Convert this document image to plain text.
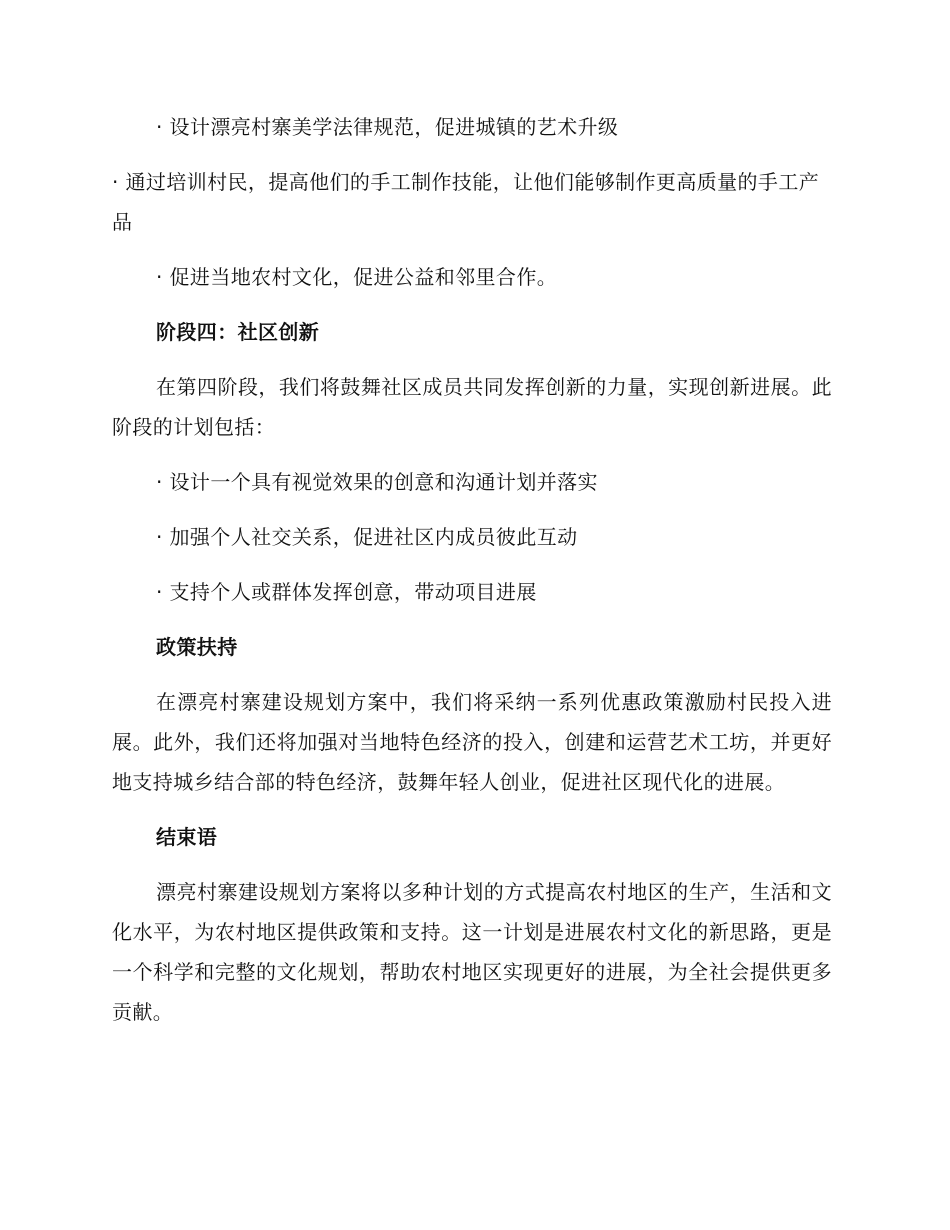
· 设计漂亮村寨美学法律规范，促进城镇的艺术升级
· 通过培训村民，提高他们的手工制作技能，让他们能够制作更高质量的手工产品
· 促进当地农村文化，促进公益和邻里合作。
阶段四：社区创新
在第四阶段，我们将鼓舞社区成员共同发挥创新的力量，实现创新进展。此阶段的计划包括：
· 设计一个具有视觉效果的创意和沟通计划并落实
· 加强个人社交关系，促进社区内成员彼此互动
· 支持个人或群体发挥创意，带动项目进展
政策扶持
在漂亮村寨建设规划方案中，我们将采纳一系列优惠政策激励村民投入进展。此外，我们还将加强对当地特色经济的投入，创建和运营艺术工坊，并更好地支持城乡结合部的特色经济，鼓舞年轻人创业，促进社区现代化的进展。
结束语
漂亮村寨建设规划方案将以多种计划的方式提高农村地区的生产，生活和文化水平，为农村地区提供政策和支持。这一计划是进展农村文化的新思路，更是一个科学和完整的文化规划，帮助农村地区实现更好的进展，为全社会提供更多贡献。
